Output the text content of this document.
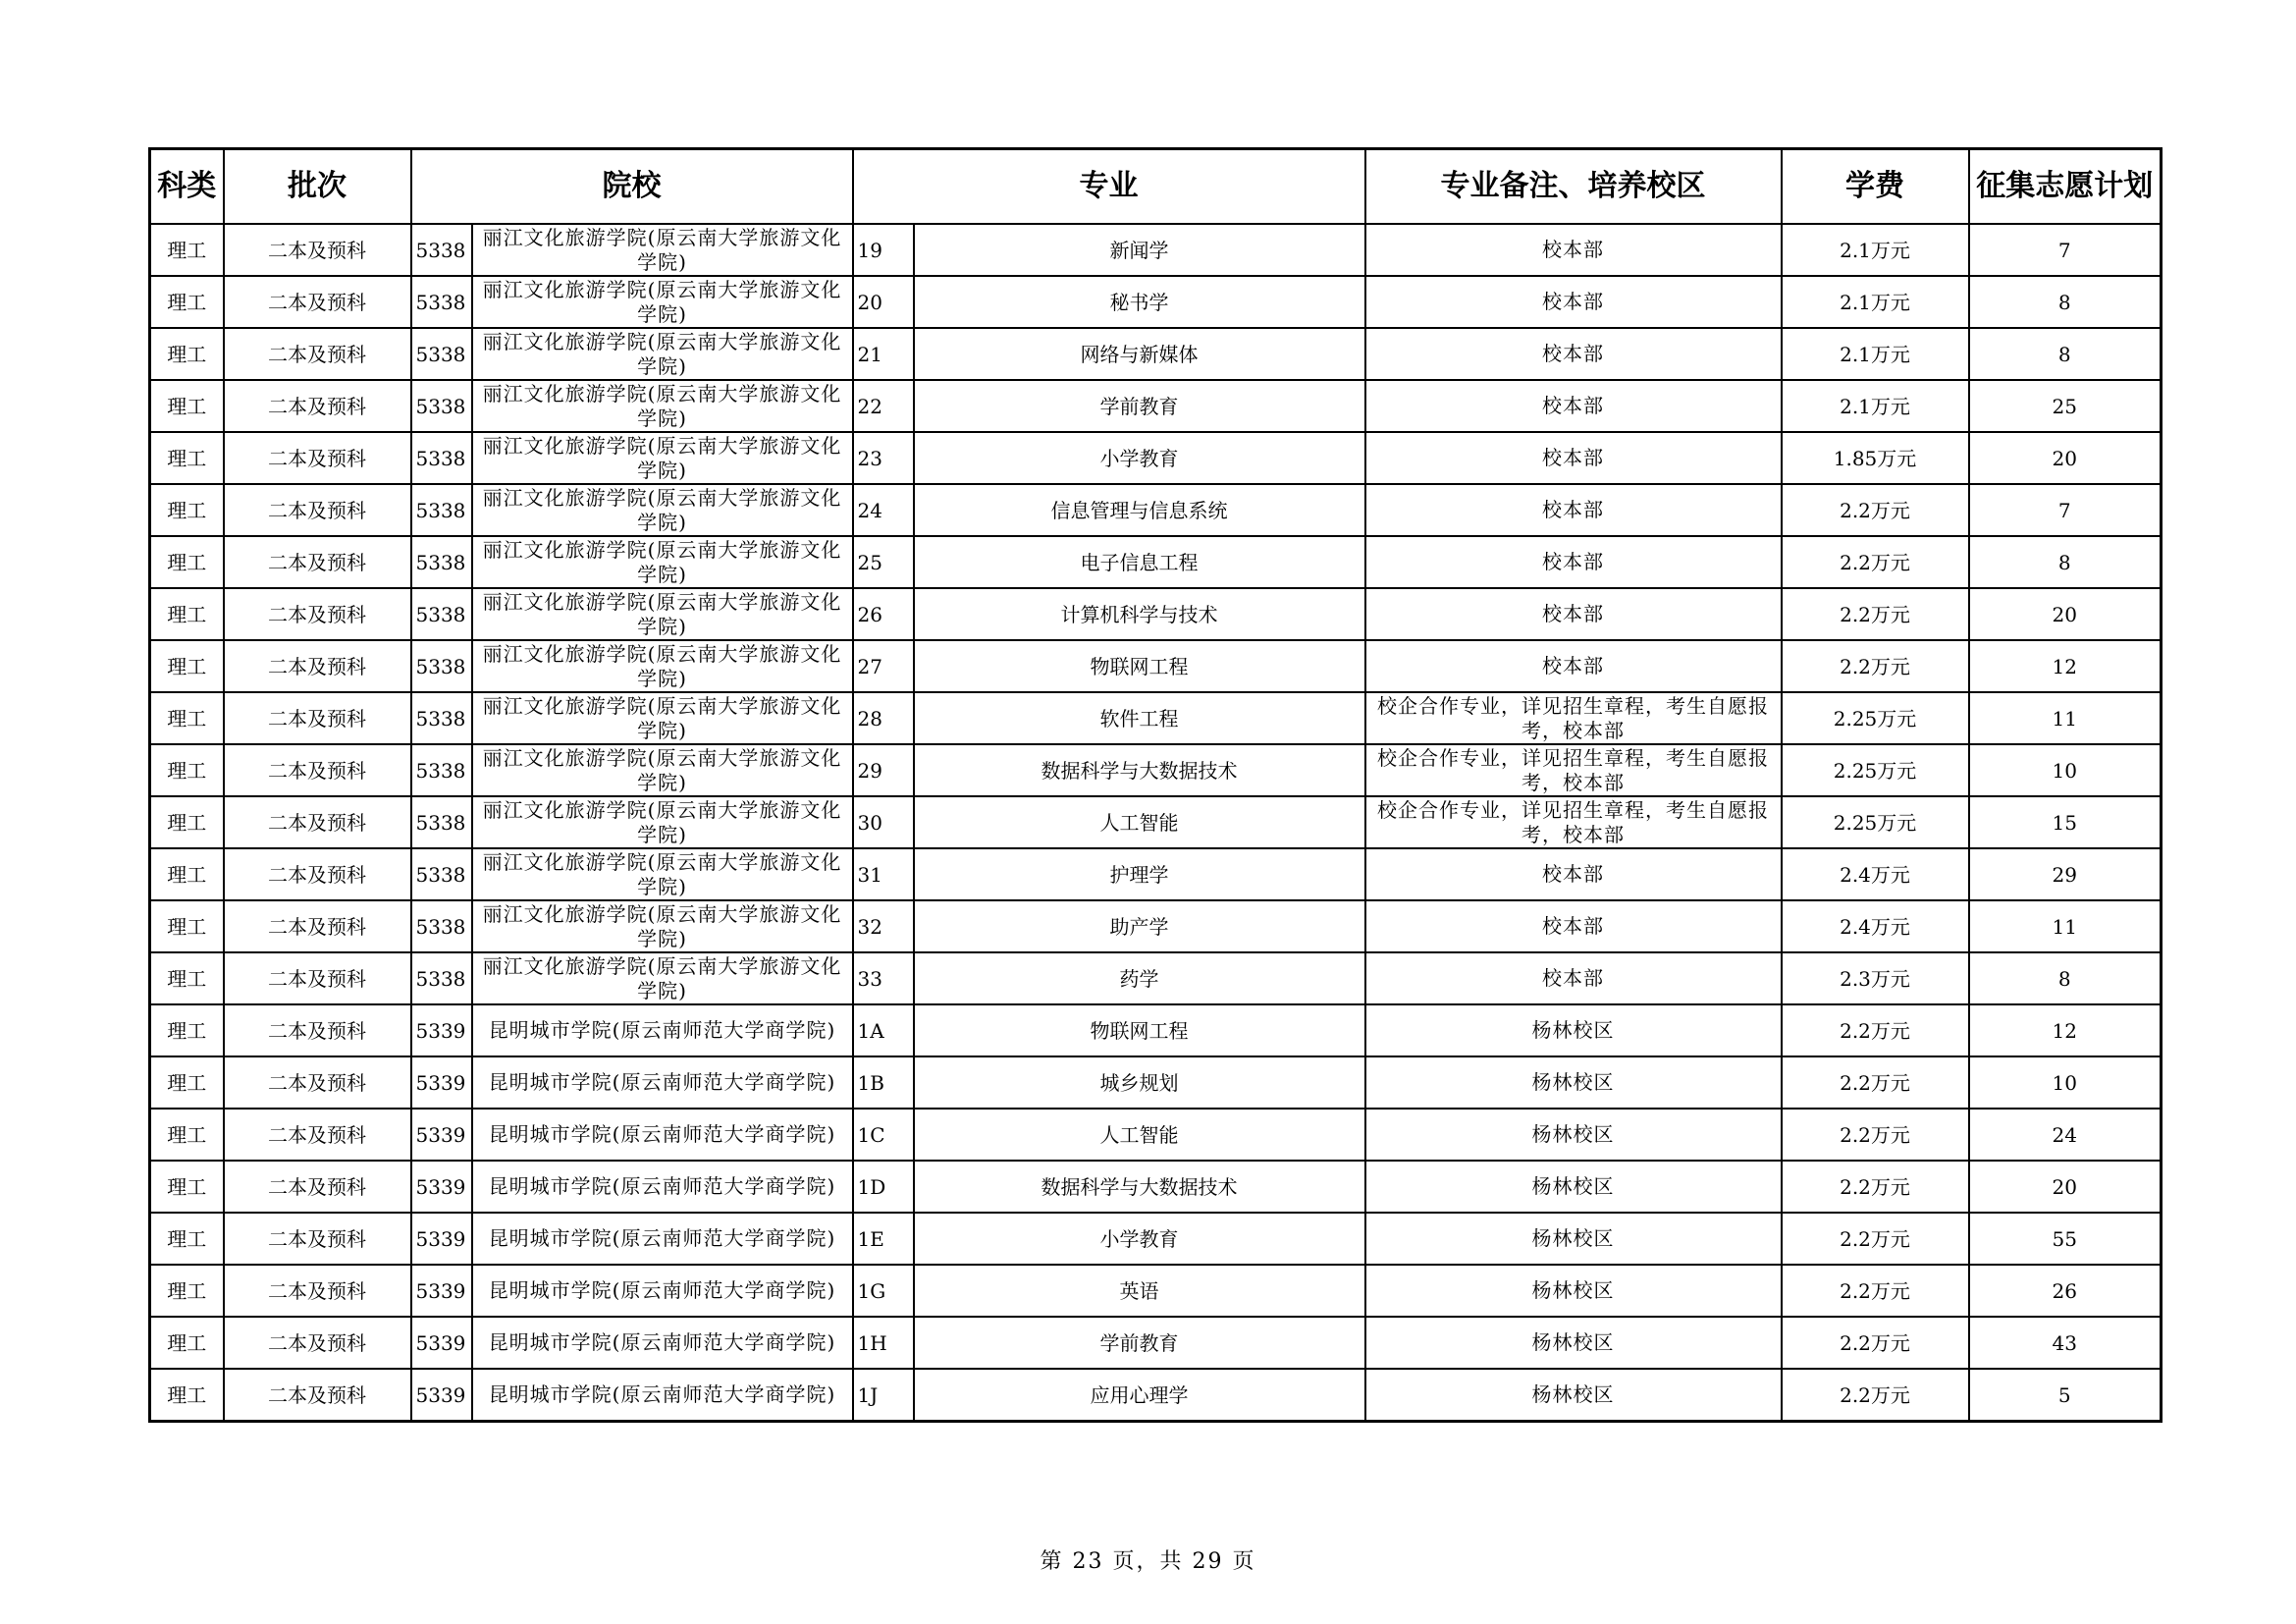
科类	批次	院校		专业		专业备注、培养校区	学费	征集志愿计划
理工	二本及预科	5338	丽江文化旅游学院(原云南大学旅游文化学院)	19	新闻学	校本部	2.1万元	7
理工	二本及预科	5338	丽江文化旅游学院(原云南大学旅游文化学院)	20	秘书学	校本部	2.1万元	8
理工	二本及预科	5338	丽江文化旅游学院(原云南大学旅游文化学院)	21	网络与新媒体	校本部	2.1万元	8
理工	二本及预科	5338	丽江文化旅游学院(原云南大学旅游文化学院)	22	学前教育	校本部	2.1万元	25
理工	二本及预科	5338	丽江文化旅游学院(原云南大学旅游文化学院)	23	小学教育	校本部	1.85万元	20
理工	二本及预科	5338	丽江文化旅游学院(原云南大学旅游文化学院)	24	信息管理与信息系统	校本部	2.2万元	7
理工	二本及预科	5338	丽江文化旅游学院(原云南大学旅游文化学院)	25	电子信息工程	校本部	2.2万元	8
理工	二本及预科	5338	丽江文化旅游学院(原云南大学旅游文化学院)	26	计算机科学与技术	校本部	2.2万元	20
理工	二本及预科	5338	丽江文化旅游学院(原云南大学旅游文化学院)	27	物联网工程	校本部	2.2万元	12
理工	二本及预科	5338	丽江文化旅游学院(原云南大学旅游文化学院)	28	软件工程	校企合作专业，详见招生章程，考生自愿报考，校本部	2.25万元	11
理工	二本及预科	5338	丽江文化旅游学院(原云南大学旅游文化学院)	29	数据科学与大数据技术	校企合作专业，详见招生章程，考生自愿报考，校本部	2.25万元	10
理工	二本及预科	5338	丽江文化旅游学院(原云南大学旅游文化学院)	30	人工智能	校企合作专业，详见招生章程，考生自愿报考，校本部	2.25万元	15
理工	二本及预科	5338	丽江文化旅游学院(原云南大学旅游文化学院)	31	护理学	校本部	2.4万元	29
理工	二本及预科	5338	丽江文化旅游学院(原云南大学旅游文化学院)	32	助产学	校本部	2.4万元	11
理工	二本及预科	5338	丽江文化旅游学院(原云南大学旅游文化学院)	33	药学	校本部	2.3万元	8
理工	二本及预科	5339	昆明城市学院(原云南师范大学商学院)	1A	物联网工程	杨林校区	2.2万元	12
理工	二本及预科	5339	昆明城市学院(原云南师范大学商学院)	1B	城乡规划	杨林校区	2.2万元	10
理工	二本及预科	5339	昆明城市学院(原云南师范大学商学院)	1C	人工智能	杨林校区	2.2万元	24
理工	二本及预科	5339	昆明城市学院(原云南师范大学商学院)	1D	数据科学与大数据技术	杨林校区	2.2万元	20
理工	二本及预科	5339	昆明城市学院(原云南师范大学商学院)	1E	小学教育	杨林校区	2.2万元	55
理工	二本及预科	5339	昆明城市学院(原云南师范大学商学院)	1G	英语	杨林校区	2.2万元	26
理工	二本及预科	5339	昆明城市学院(原云南师范大学商学院)	1H	学前教育	杨林校区	2.2万元	43
理工	二本及预科	5339	昆明城市学院(原云南师范大学商学院)	1J	应用心理学	杨林校区	2.2万元	5
第 23 页，共 29 页
